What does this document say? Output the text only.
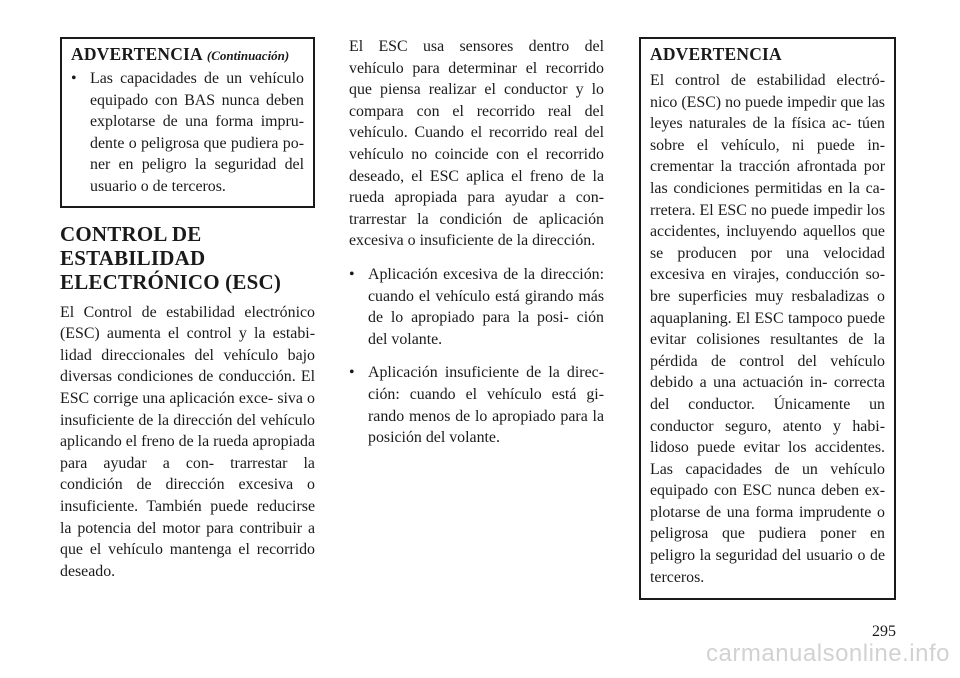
ADVERTENCIA (Continuación)
• Las capacidades de un vehículo equipado con BAS nunca deben explotarse de una forma impru- dente o peligrosa que pudiera po- ner en peligro la seguridad del usuario o de terceros.
CONTROL DE ESTABILIDAD ELECTRÓNICO (ESC)
El Control de estabilidad electrónico (ESC) aumenta el control y la estabi- lidad direccionales del vehículo bajo diversas condiciones de conducción. El ESC corrige una aplicación exce- siva o insuficiente de la dirección del vehículo aplicando el freno de la rueda apropiada para ayudar a con- trarrestar la condición de dirección excesiva o insuficiente. También puede reducirse la potencia del motor para contribuir a que el vehículo mantenga el recorrido deseado.
El ESC usa sensores dentro del vehículo para determinar el recorrido que piensa realizar el conductor y lo compara con el recorrido real del vehículo. Cuando el recorrido real del vehículo no coincide con el recorrido deseado, el ESC aplica el freno de la rueda apropiada para ayudar a con- trarrestar la condición de aplicación excesiva o insuficiente de la dirección.
• Aplicación excesiva de la dirección: cuando el vehículo está girando más de lo apropiado para la posi- ción del volante.
• Aplicación insuficiente de la direc- ción: cuando el vehículo está gi- rando menos de lo apropiado para la posición del volante.
ADVERTENCIA
El control de estabilidad electró- nico (ESC) no puede impedir que las leyes naturales de la física ac- túen sobre el vehículo, ni puede in- crementar la tracción afrontada por las condiciones permitidas en la ca- rretera. El ESC no puede impedir los accidentes, incluyendo aquellos que se producen por una velocidad excesiva en virajes, conducción so- bre superficies muy resbaladizas o aquaplaning. El ESC tampoco puede evitar colisiones resultantes de la pérdida de control del vehículo debido a una actuación in- correcta del conductor. Únicamente un conductor seguro, atento y habi- lidoso puede evitar los accidentes. Las capacidades de un vehículo equipado con ESC nunca deben ex- plotarse de una forma imprudente o peligrosa que pudiera poner en peligro la seguridad del usuario o de terceros.
295
carmanualsonline.info
